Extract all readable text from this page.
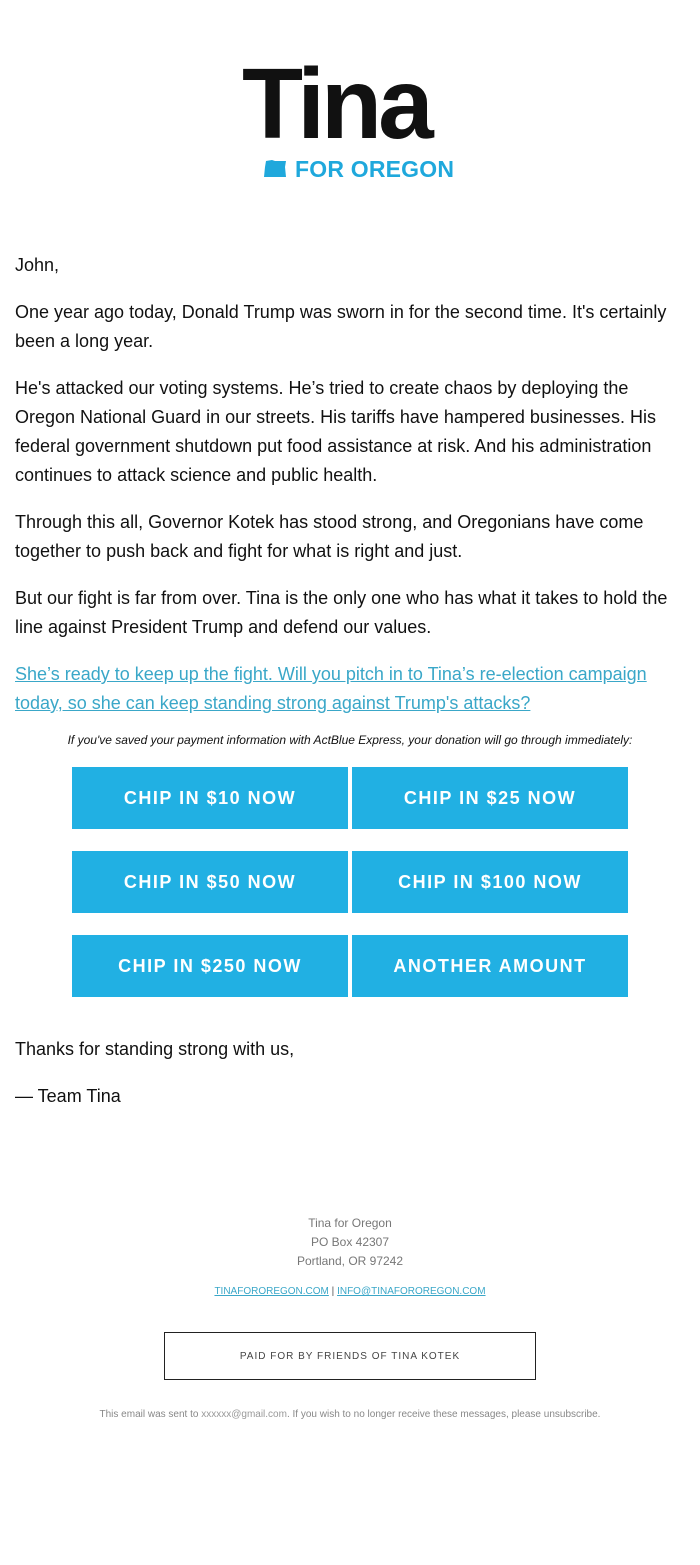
Tina
FOR OREGON

John,

One year ago today, Donald Trump was sworn in for the second time. It's certainly been a long year.

He's attacked our voting systems. He’s tried to create chaos by deploying the Oregon National Guard in our streets. His tariffs have hampered businesses. His federal government shutdown put food assistance at risk. And his administration continues to attack science and public health.

Through this all, Governor Kotek has stood strong, and Oregonians have come together to push back and fight for what is right and just.

But our fight is far from over. Tina is the only one who has what it takes to hold the line against President Trump and defend our values.

She’s ready to keep up the fight. Will you pitch in to Tina’s re-election campaign today, so she can keep standing strong against Trump's attacks?

If you've saved your payment information with ActBlue Express, your donation will go through immediately:
CHIP IN $10 NOW	CHIP IN $25 NOW
CHIP IN $50 NOW	CHIP IN $100 NOW
CHIP IN $250 NOW	ANOTHER AMOUNT
Thanks for standing strong with us,
— Team Tina
Tina for Oregon
PO Box 42307
Portland, OR 97242
TINAFOROREGON.COM | INFO@TINAFOROREGON.COM
PAID FOR BY FRIENDS OF TINA KOTEK
This email was sent to xxxxxx@gmail.com. If you wish to no longer receive these messages, please unsubscribe.
